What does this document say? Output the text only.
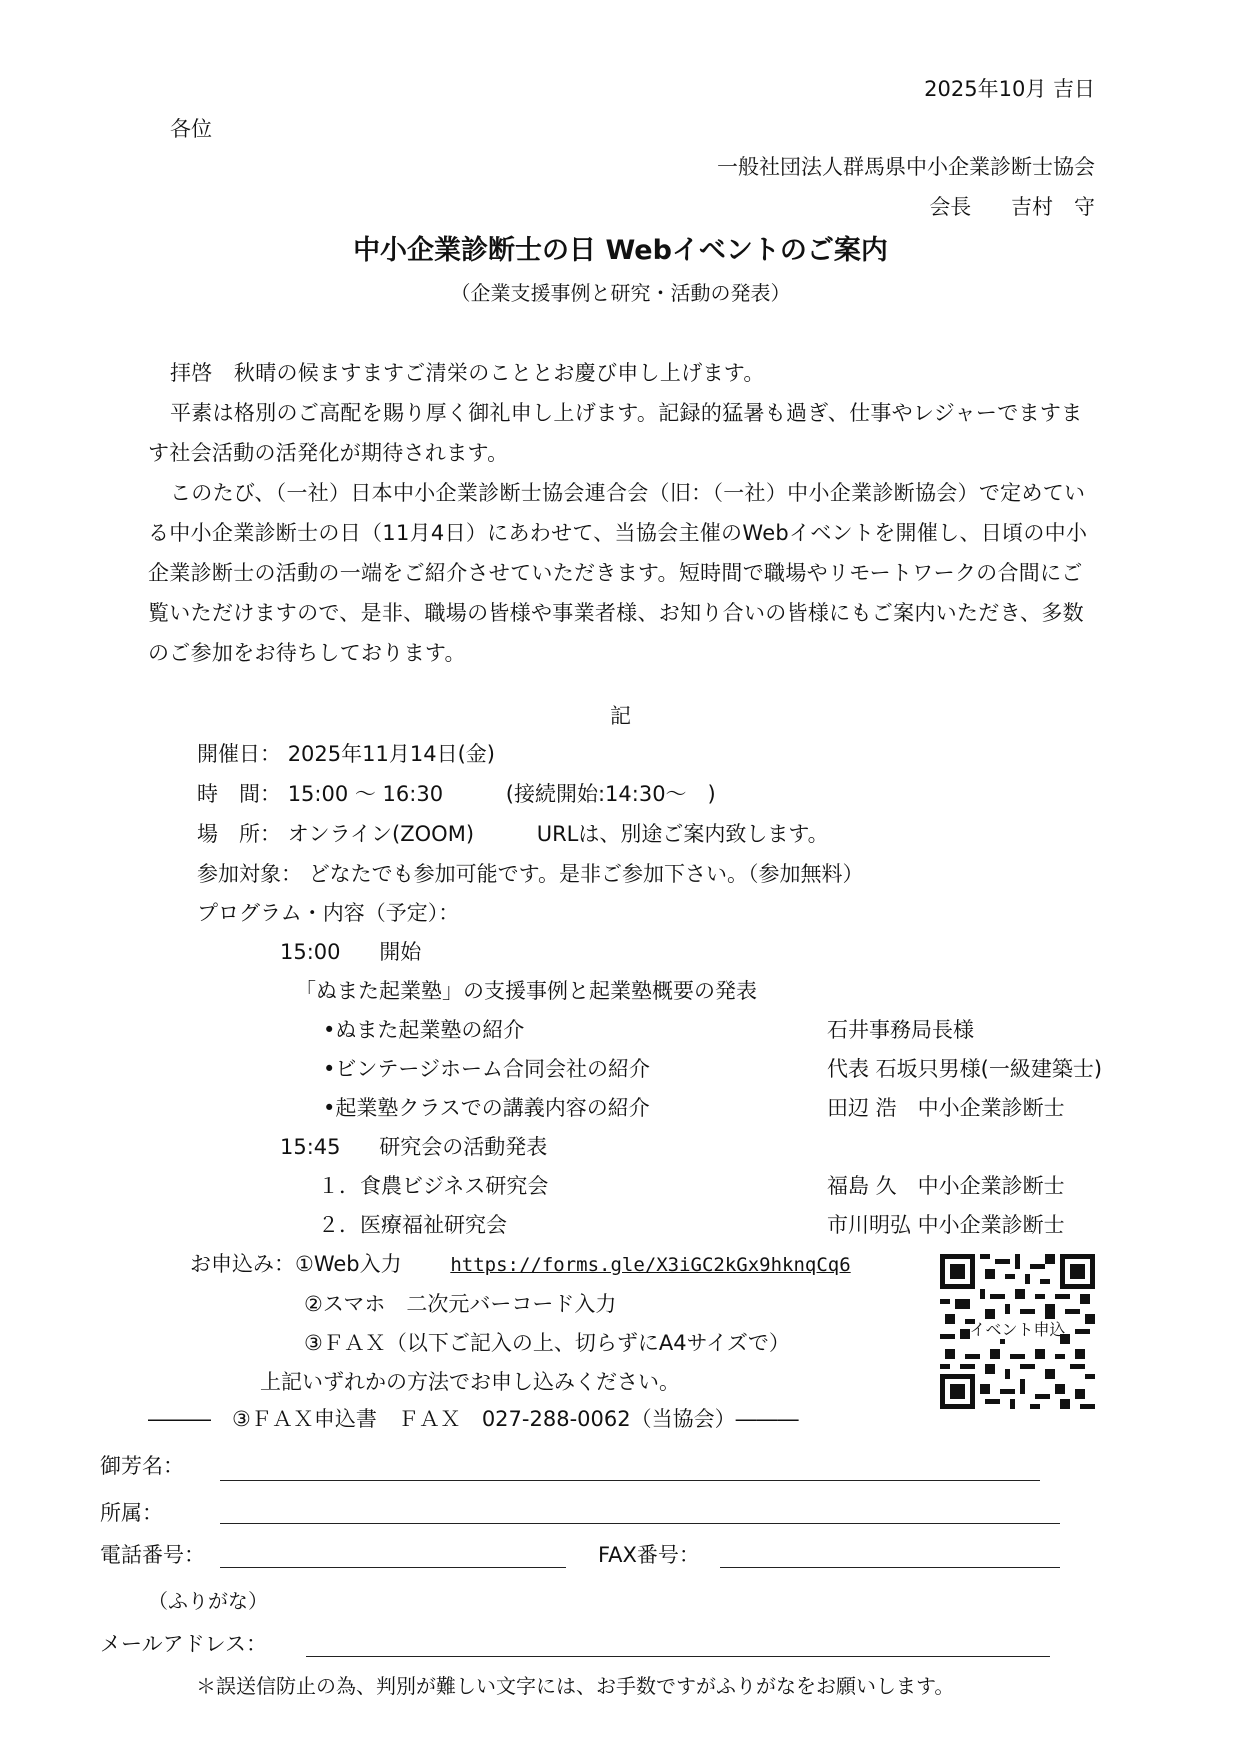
2025年10月 吉日
各位
一般社団法人群馬県中小企業診断士協会
会長　 吉村　守
中小企業診断士の日 Webイベントのご案内
（企業支援事例と研究・活動の発表）

拝啓　秋晴の候ますますご清栄のこととお慶び申し上げます。

平素は格別のご高配を賜り厚く御礼申し上げます。記録的猛暑も過ぎ、仕事やレジャーでますます社会活動の活発化が期待されます。

このたび、（一社）日本中小企業診断士協会連合会（旧：（一社）中小企業診断協会）で定めている中小企業診断士の日（11月4日）にあわせて、当協会主催のWebイベントを開催し、日頃の中小企業診断士の活動の一端をご紹介させていただきます。短時間で職場やリモートワークの合間にご覧いただけますので、是非、職場の皆様や事業者様、お知り合いの皆様にもご案内いただき、多数のご参加をお待ちしております。

記
開催日： 2025年11月14日(金)
時　間： 15:00 ～ 16:30	(接続開始:14:30～　)
場　所： オンライン(ZOOM)	URLは、別途ご案内致します。
参加対象： どなたでも参加可能です。是非ご参加下さい。（参加無料）
プログラム・内容（予定）：
15:00 開始
「ぬまた起業塾」の支援事例と起業塾概要の発表
•ぬまた起業塾の紹介	石井事務局長様
•ビンテージホーム合同会社の紹介	代表 石坂只男様(一級建築士)
•起業塾クラスでの講義内容の紹介	田辺 浩　中小企業診断士
15:45 研究会の活動発表
１．食農ビジネス研究会	福島 久　中小企業診断士
２．医療福祉研究会	市川明弘 中小企業診断士
お申込み：①Web入力	https://forms.gle/X3iGC2kGx9hknqCq6
②スマホ　二次元バーコード入力
③ＦＡＸ（以下ご記入の上、切らずにA4サイズで）
上記いずれかの方法でお申し込みください。
イベント申込
―――　③ＦＡＸ申込書　ＦＡＸ　027-288-0062（当協会）―――
御芳名：
所属：
電話番号：	FAX番号：
（ふりがな）
メールアドレス：
＊誤送信防止の為、判別が難しい文字には、お手数ですがふりがなをお願いします。
